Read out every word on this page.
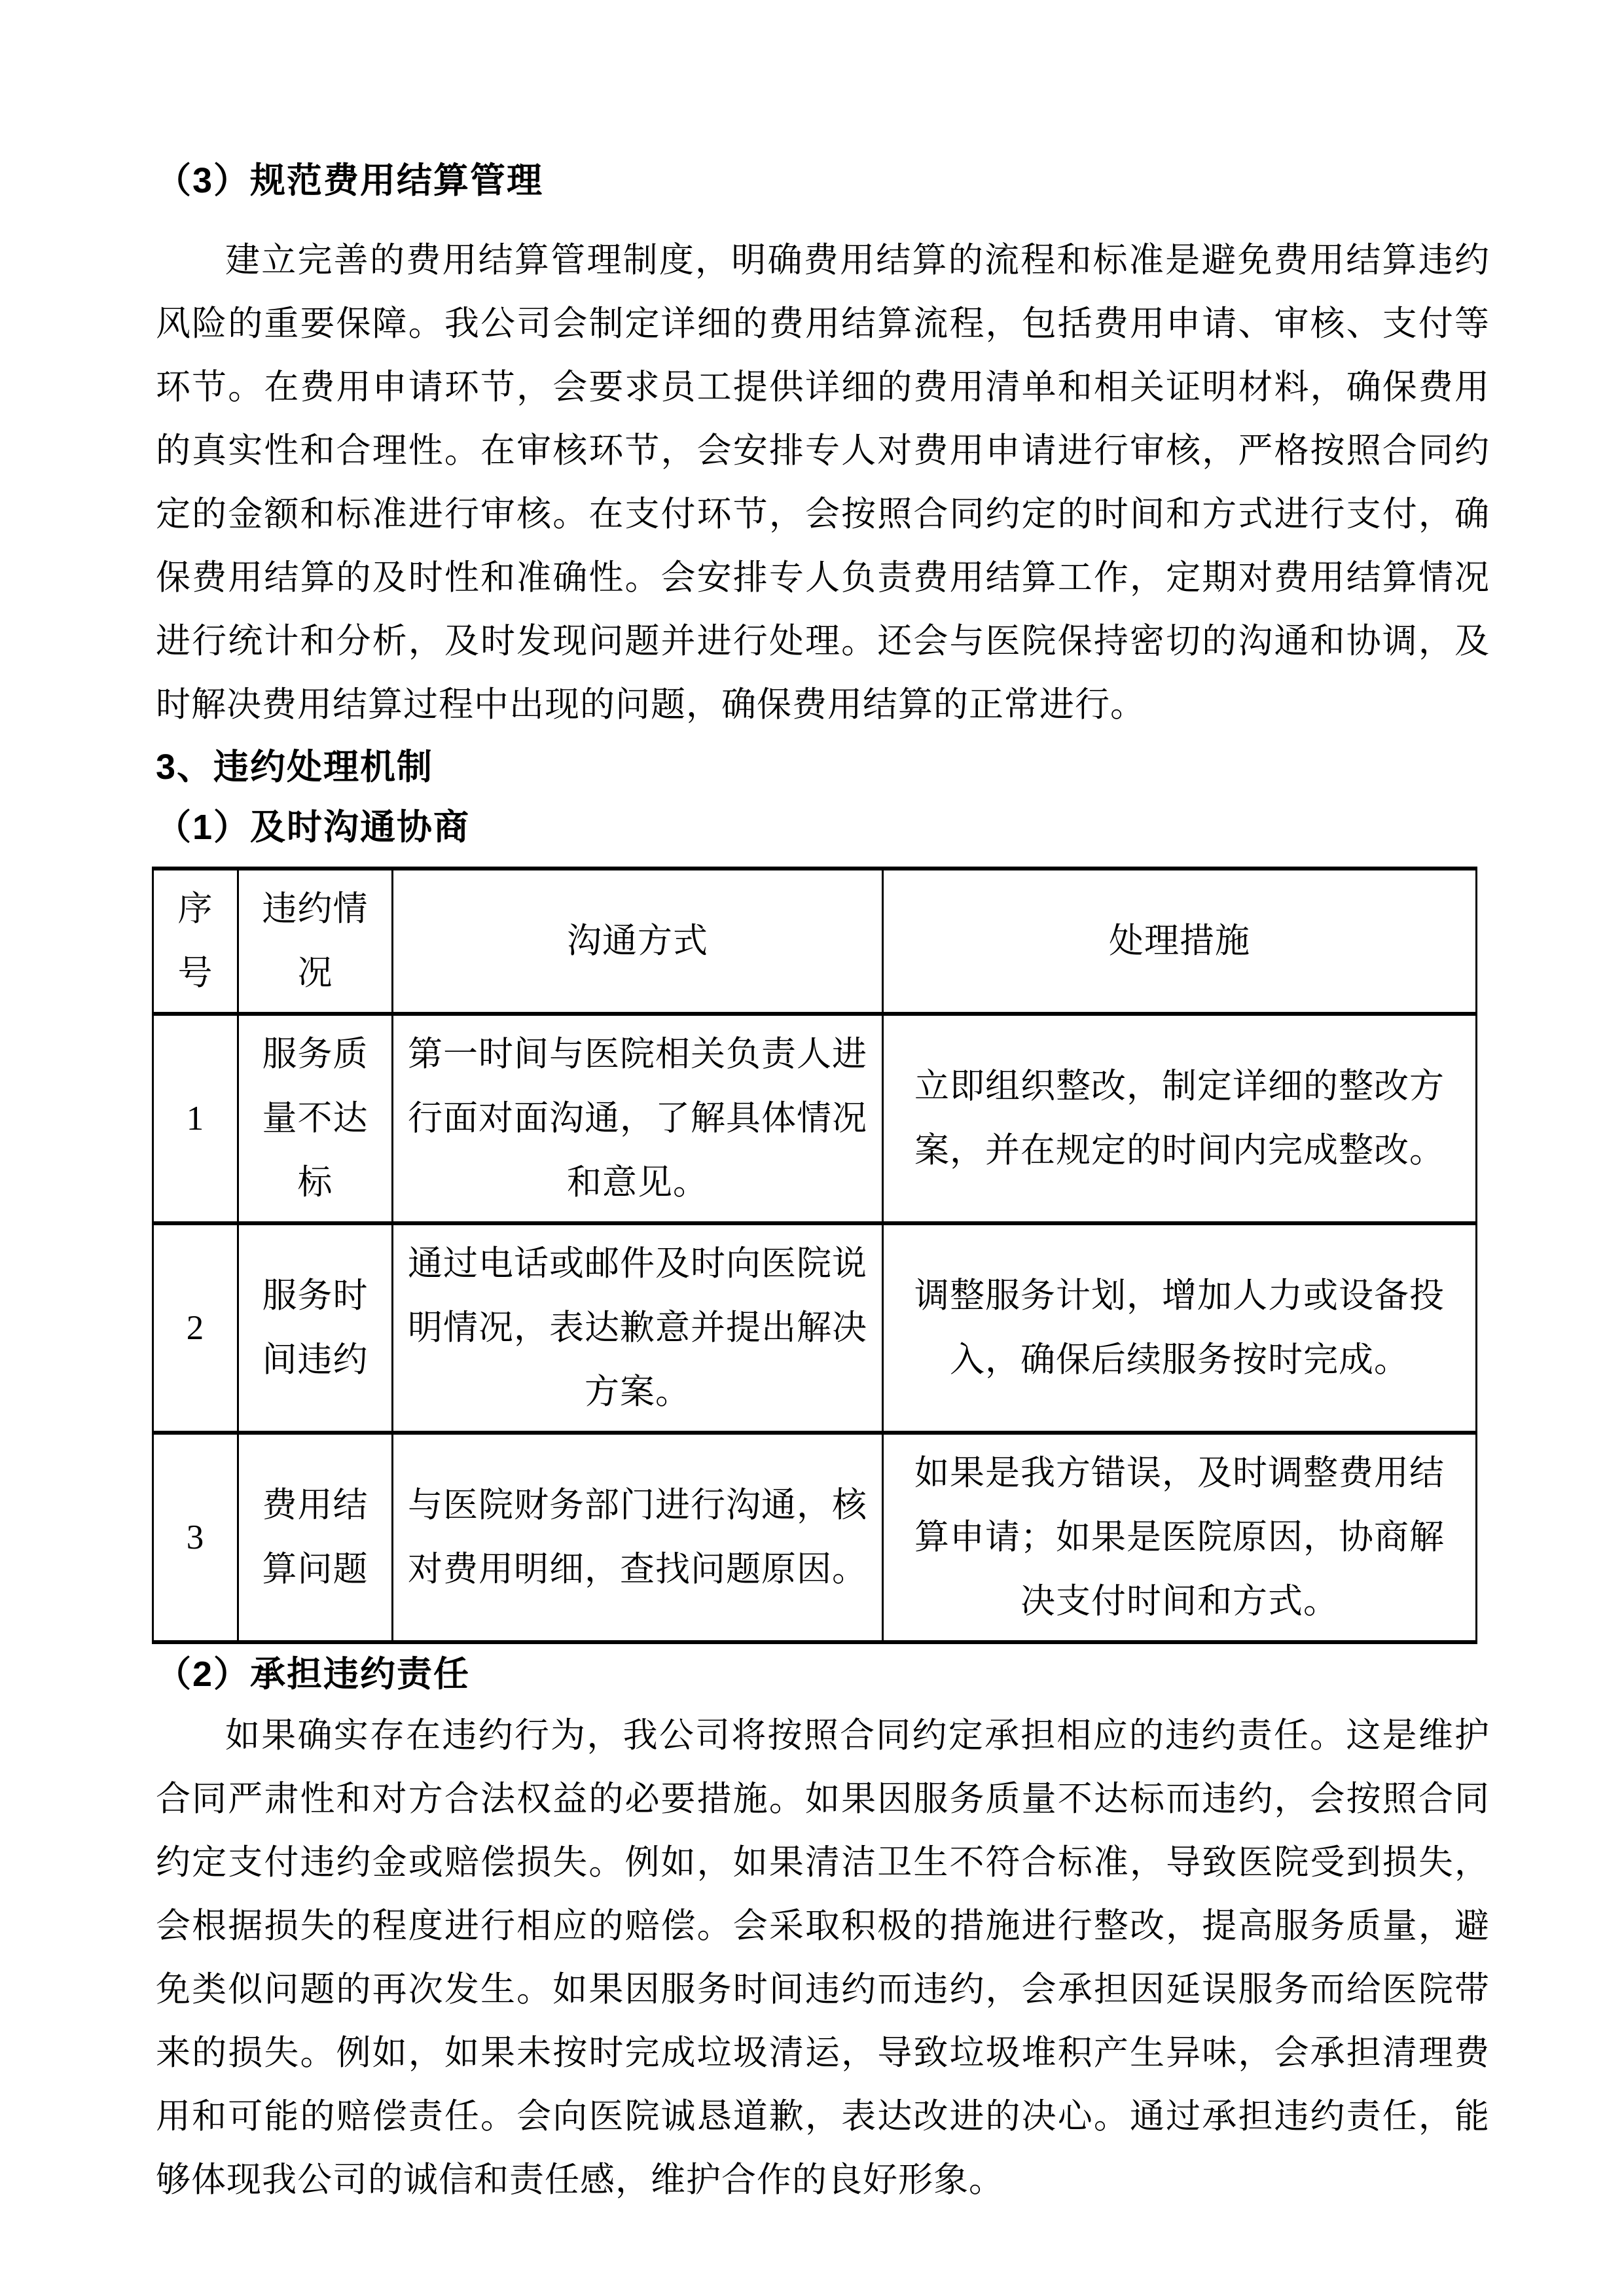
（3）规范费用结算管理

建立完善的费用结算管理制度，明确费用结算的流程和标准是避免费用结算违约风险的重要保障。我公司会制定详细的费用结算流程，包括费用申请、审核、支付等环节。在费用申请环节，会要求员工提供详细的费用清单和相关证明材料，确保费用的真实性和合理性。在审核环节，会安排专人对费用申请进行审核，严格按照合同约定的金额和标准进行审核。在支付环节，会按照合同约定的时间和方式进行支付，确保费用结算的及时性和准确性。会安排专人负责费用结算工作，定期对费用结算情况进行统计和分析，及时发现问题并进行处理。还会与医院保持密切的沟通和协调，及时解决费用结算过程中出现的问题，确保费用结算的正常进行。

3、违约处理机制
（1）及时沟通协商
序号	违约情况	沟通方式	处理措施
1	服务质量不达标	第一时间与医院相关负责人进行面对面沟通，了解具体情况和意见。	立即组织整改，制定详细的整改方案，并在规定的时间内完成整改。
2	服务时间违约	通过电话或邮件及时向医院说明情况，表达歉意并提出解决方案。	调整服务计划，增加人力或设备投入，确保后续服务按时完成。
3	费用结算问题	与医院财务部门进行沟通，核对费用明细，查找问题原因。	如果是我方错误，及时调整费用结算申请；如果是医院原因，协商解决支付时间和方式。
（2）承担违约责任

如果确实存在违约行为，我公司将按照合同约定承担相应的违约责任。这是维护合同严肃性和对方合法权益的必要措施。如果因服务质量不达标而违约，会按照合同约定支付违约金或赔偿损失。例如，如果清洁卫生不符合标准，导致医院受到损失，会根据损失的程度进行相应的赔偿。会采取积极的措施进行整改，提高服务质量，避免类似问题的再次发生。如果因服务时间违约而违约，会承担因延误服务而给医院带来的损失。例如，如果未按时完成垃圾清运，导致垃圾堆积产生异味，会承担清理费用和可能的赔偿责任。会向医院诚恳道歉，表达改进的决心。通过承担违约责任，能够体现我公司的诚信和责任感，维护合作的良好形象。
